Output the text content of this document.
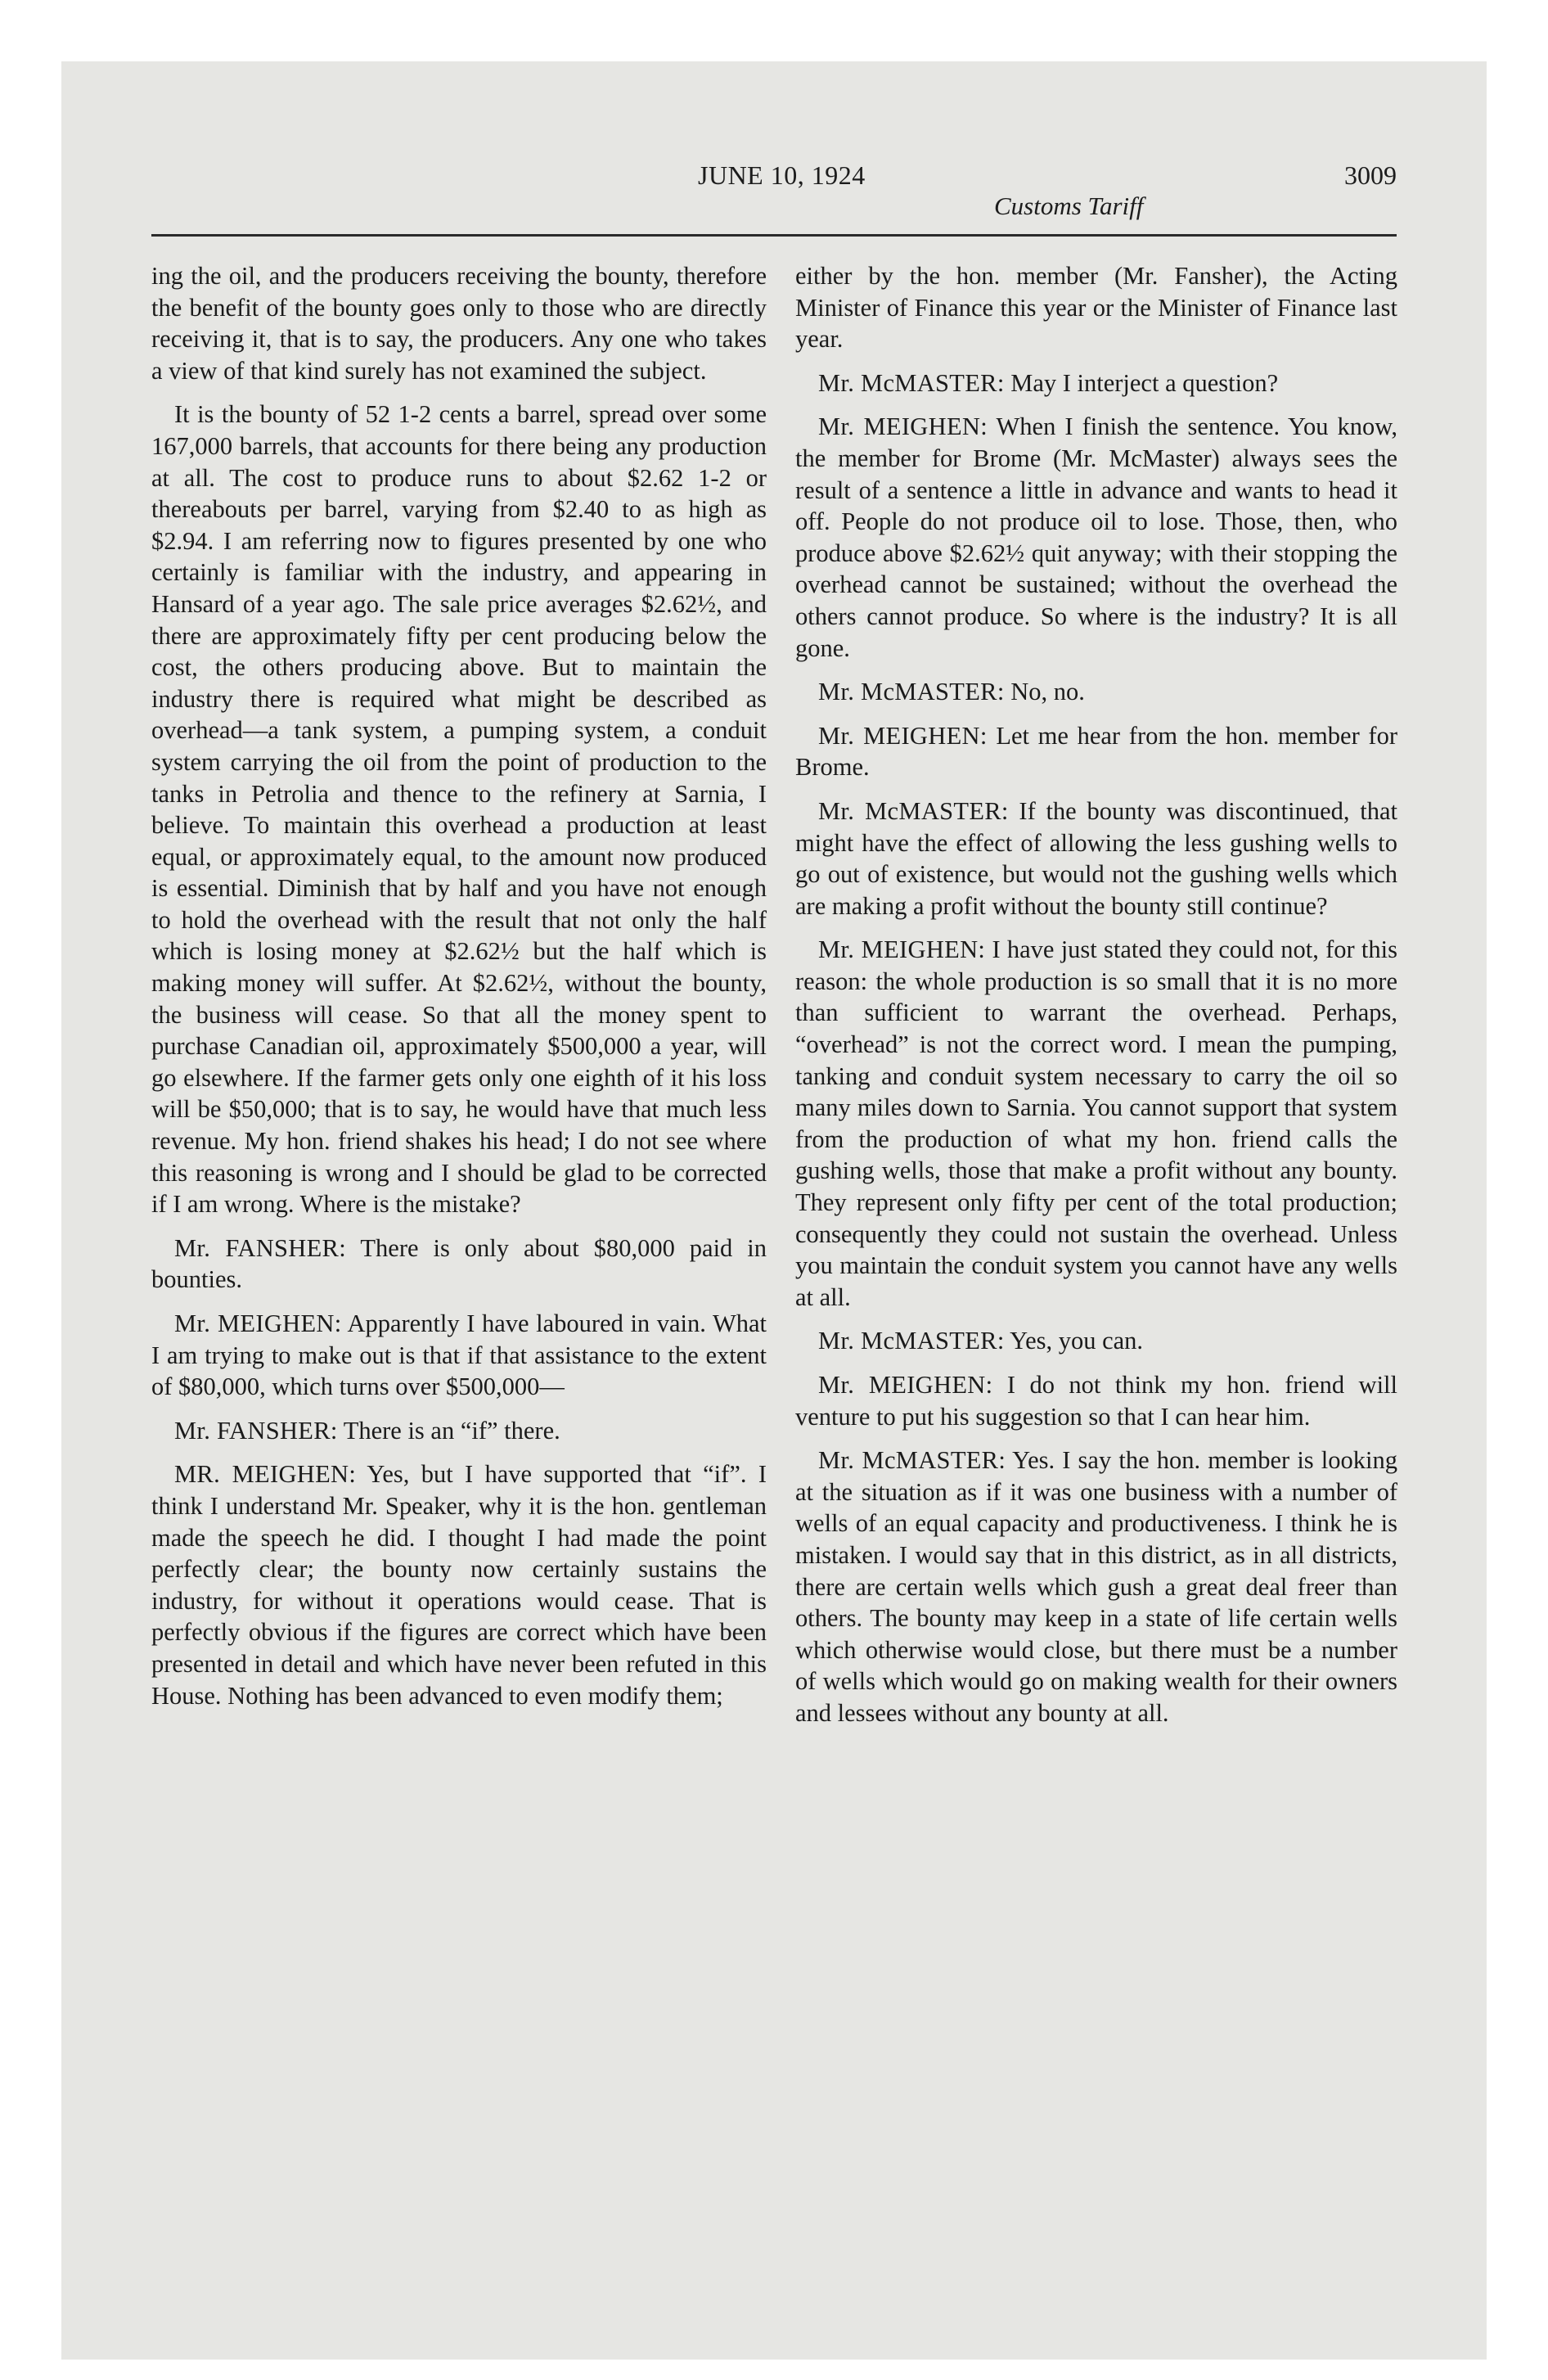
JUNE 10, 1924
Customs Tariff
3009

ing the oil, and the producers receiving the bounty, therefore the benefit of the bounty goes only to those who are directly receiving it, that is to say, the producers. Any one who takes a view of that kind surely has not examined the subject.

It is the bounty of 52 1-2 cents a barrel, spread over some 167,000 barrels, that accounts for there being any production at all. The cost to produce runs to about $2.62 1-2 or thereabouts per barrel, varying from $2.40 to as high as $2.94. I am referring now to figures presented by one who certainly is familiar with the industry, and appearing in Hansard of a year ago. The sale price averages $2.62½, and there are approximately fifty per cent producing below the cost, the others producing above. But to maintain the industry there is required what might be described as overhead—a tank system, a pumping system, a conduit system carrying the oil from the point of production to the tanks in Petrolia and thence to the refinery at Sarnia, I believe. To maintain this overhead a production at least equal, or approximately equal, to the amount now produced is essential. Diminish that by half and you have not enough to hold the overhead with the result that not only the half which is losing money at $2.62½ but the half which is making money will suffer. At $2.62½, without the bounty, the business will cease. So that all the money spent to purchase Canadian oil, approximately $500,000 a year, will go elsewhere. If the farmer gets only one eighth of it his loss will be $50,000; that is to say, he would have that much less revenue. My hon. friend shakes his head; I do not see where this reasoning is wrong and I should be glad to be corrected if I am wrong. Where is the mistake?

Mr. FANSHER: There is only about $80,000 paid in bounties.

Mr. MEIGHEN: Apparently I have laboured in vain. What I am trying to make out is that if that assistance to the extent of $80,000, which turns over $500,000—

Mr. FANSHER: There is an “if” there.

MR. MEIGHEN: Yes, but I have supported that “if”. I think I understand Mr. Speaker, why it is the hon. gentleman made the speech he did. I thought I had made the point perfectly clear; the bounty now certainly sustains the industry, for without it operations would cease. That is perfectly obvious if the figures are correct which have been presented in detail and which have never been refuted in this House. Nothing has been advanced to even modify them;

either by the hon. member (Mr. Fansher), the Acting Minister of Finance this year or the Minister of Finance last year.

Mr. McMASTER: May I interject a question?

Mr. MEIGHEN: When I finish the sentence. You know, the member for Brome (Mr. McMaster) always sees the result of a sentence a little in advance and wants to head it off. People do not produce oil to lose. Those, then, who produce above $2.62½ quit anyway; with their stopping the overhead cannot be sustained; without the overhead the others cannot produce. So where is the industry? It is all gone.

Mr. McMASTER: No, no.

Mr. MEIGHEN: Let me hear from the hon. member for Brome.

Mr. McMASTER: If the bounty was discontinued, that might have the effect of allowing the less gushing wells to go out of existence, but would not the gushing wells which are making a profit without the bounty still continue?

Mr. MEIGHEN: I have just stated they could not, for this reason: the whole production is so small that it is no more than sufficient to warrant the overhead. Perhaps, “overhead” is not the correct word. I mean the pumping, tanking and conduit system necessary to carry the oil so many miles down to Sarnia. You cannot support that system from the production of what my hon. friend calls the gushing wells, those that make a profit without any bounty. They represent only fifty per cent of the total production; consequently they could not sustain the overhead. Unless you maintain the conduit system you cannot have any wells at all.

Mr. McMASTER: Yes, you can.

Mr. MEIGHEN: I do not think my hon. friend will venture to put his suggestion so that I can hear him.

Mr. McMASTER: Yes. I say the hon. member is looking at the situation as if it was one business with a number of wells of an equal capacity and productiveness. I think he is mistaken. I would say that in this district, as in all districts, there are certain wells which gush a great deal freer than others. The bounty may keep in a state of life certain wells which otherwise would close, but there must be a number of wells which would go on making wealth for their owners and lessees without any bounty at all.
